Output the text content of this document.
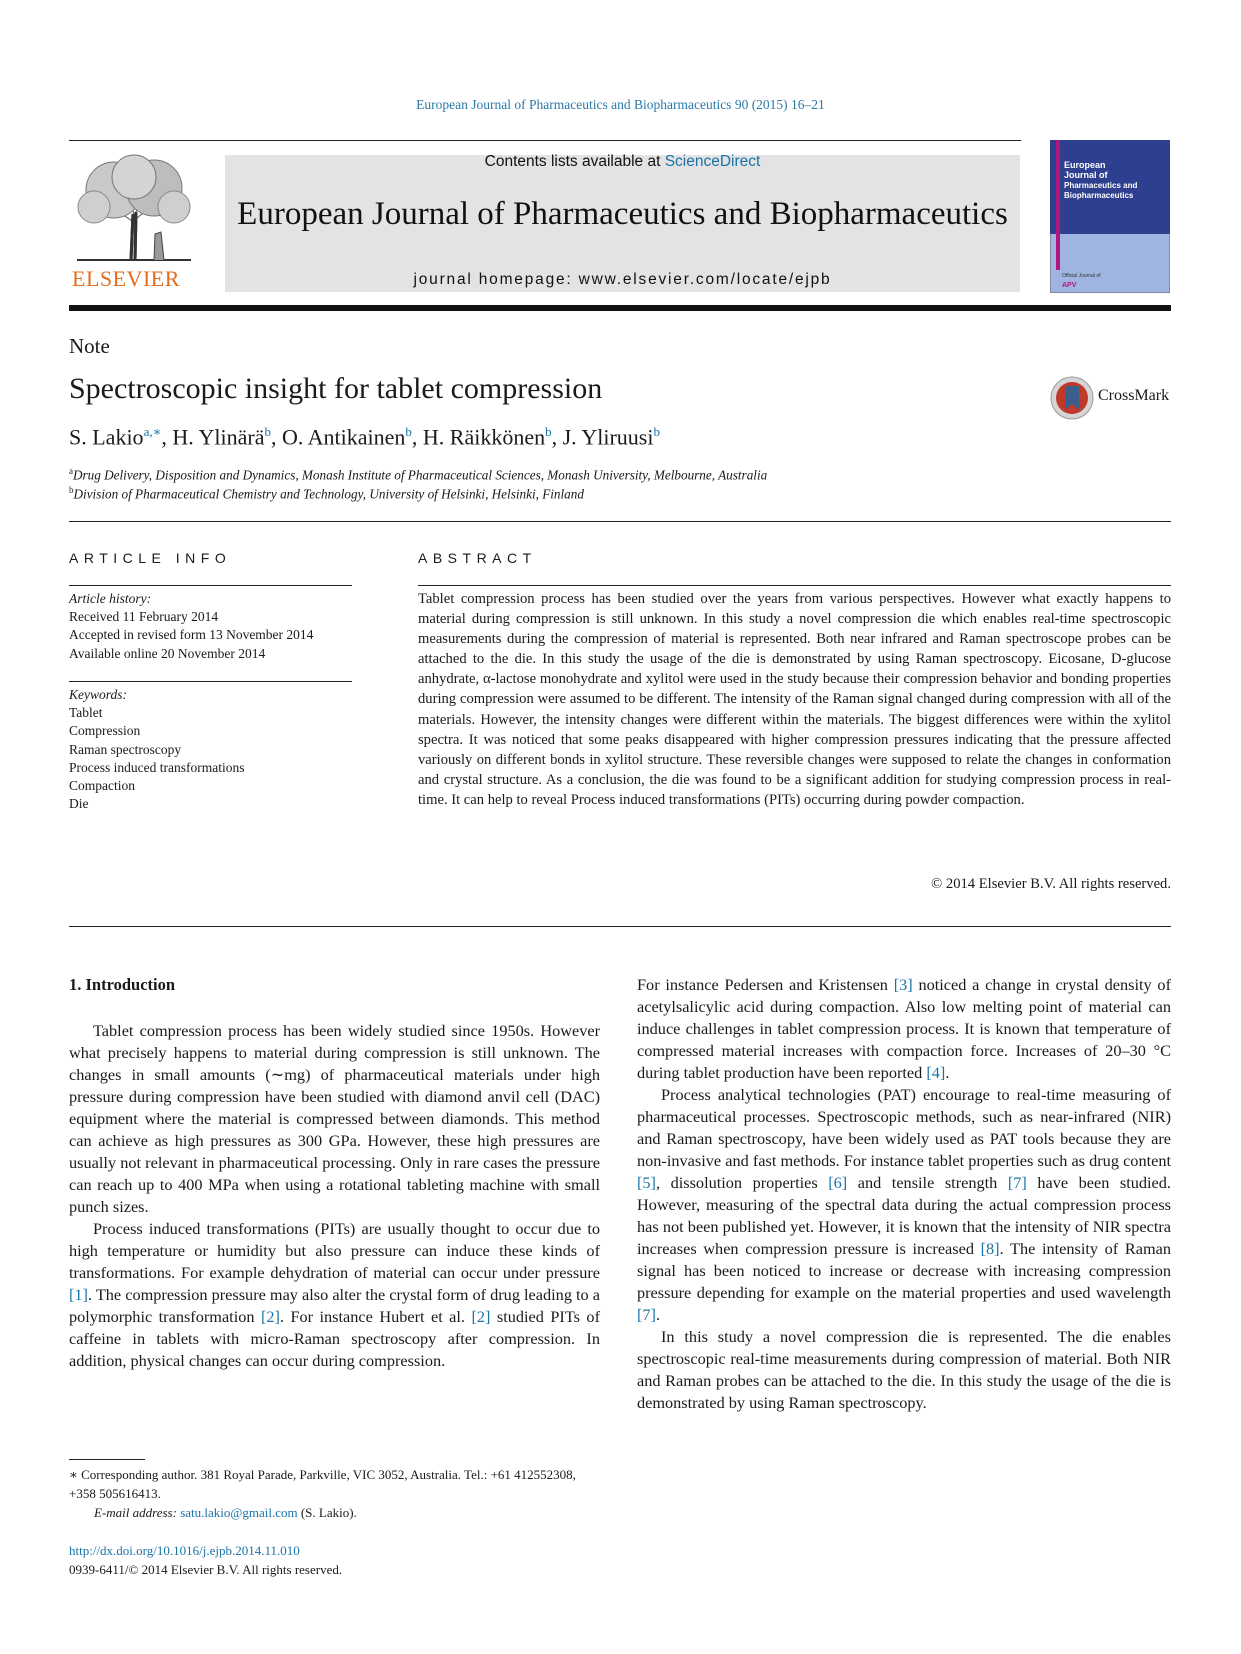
European Journal of Pharmaceutics and Biopharmaceutics 90 (2015) 16–21
ELSEVIER
Contents lists available at ScienceDirect
European Journal of Pharmaceutics and Biopharmaceutics
journal homepage: www.elsevier.com/locate/ejpb
European
Journal of
Pharmaceutics and
Biopharmaceutics
Official Journal of
APV
Note
Spectroscopic insight for tablet compression	CrossMark
S. Lakio$^{a,∗}$, H. Ylinärä$^b$, O. Antikainen$^b$, H. Räikkönen$^b$, J. Yliruusi$^b$
$^a$Drug Delivery, Disposition and Dynamics, Monash Institute of Pharmaceutical Sciences, Monash University, Melbourne, Australia
$^b$Division of Pharmaceutical Chemistry and Technology, University of Helsinki, Helsinki, Finland
ARTICLE INFO	ABSTRACT
Article history:
Received 11 February 2014
Accepted in revised form 13 November 2014
Available online 20 November 2014
Keywords:
Tablet
Compression
Raman spectroscopy
Process induced transformations
Compaction
Die
Tablet compression process has been studied over the years from various perspectives. However what exactly happens to material during compression is still unknown. In this study a novel compression die which enables real-time spectroscopic measurements during the compression of material is represented. Both near infrared and Raman spectroscope probes can be attached to the die. In this study the usage of the die is demonstrated by using Raman spectroscopy. Eicosane, D-glucose anhydrate, α-lactose monohydrate and xylitol were used in the study because their compression behavior and bonding properties during compression were assumed to be different. The intensity of the Raman signal changed during compression with all of the materials. However, the intensity changes were different within the materials. The biggest differences were within the xylitol spectra. It was noticed that some peaks disappeared with higher compression pressures indicating that the pressure affected variously on different bonds in xylitol structure. These reversible changes were supposed to relate the changes in conformation and crystal structure. As a conclusion, the die was found to be a significant addition for studying compression process in real-time. It can help to reveal Process induced transformations (PITs) occurring during powder compaction.
© 2014 Elsevier B.V. All rights reserved.
1. Introduction

Tablet compression process has been widely studied since 1950s. However what precisely happens to material during compression is still unknown. The changes in small amounts (∼mg) of pharmaceutical materials under high pressure during compression have been studied with diamond anvil cell (DAC) equipment where the material is compressed between diamonds. This method can achieve as high pressures as 300 GPa. However, these high pressures are usually not relevant in pharmaceutical processing. Only in rare cases the pressure can reach up to 400 MPa when using a rotational tableting machine with small punch sizes.

Process induced transformations (PITs) are usually thought to occur due to high temperature or humidity but also pressure can induce these kinds of transformations. For example dehydration of material can occur under pressure [1]. The compression pressure may also alter the crystal form of drug leading to a polymorphic transformation [2]. For instance Hubert et al. [2] studied PITs of caffeine in tablets with micro-Raman spectroscopy after compression. In addition, physical changes can occur during compression.

For instance Pedersen and Kristensen [3] noticed a change in crystal density of acetylsalicylic acid during compaction. Also low melting point of material can induce challenges in tablet compression process. It is known that temperature of compressed material increases with compaction force. Increases of 20–30 °C during tablet production have been reported [4].

Process analytical technologies (PAT) encourage to real-time measuring of pharmaceutical processes. Spectroscopic methods, such as near-infrared (NIR) and Raman spectroscopy, have been widely used as PAT tools because they are non-invasive and fast methods. For instance tablet properties such as drug content [5], dissolution properties [6] and tensile strength [7] have been studied. However, measuring of the spectral data during the actual compression process has not been published yet. However, it is known that the intensity of NIR spectra increases when compression pressure is increased [8]. The intensity of Raman signal has been noticed to increase or decrease with increasing compression pressure depending for example on the material properties and used wavelength [7].

In this study a novel compression die is represented. The die enables spectroscopic real-time measurements during compression of material. Both NIR and Raman probes can be attached to the die. In this study the usage of the die is demonstrated by using Raman spectroscopy.

∗ Corresponding author. 381 Royal Parade, Parkville, VIC 3052, Australia. Tel.: +61 412552308, +358 505616413.
E-mail address: satu.lakio@gmail.com (S. Lakio).
http://dx.doi.org/10.1016/j.ejpb.2014.11.010
0939-6411/© 2014 Elsevier B.V. All rights reserved.
